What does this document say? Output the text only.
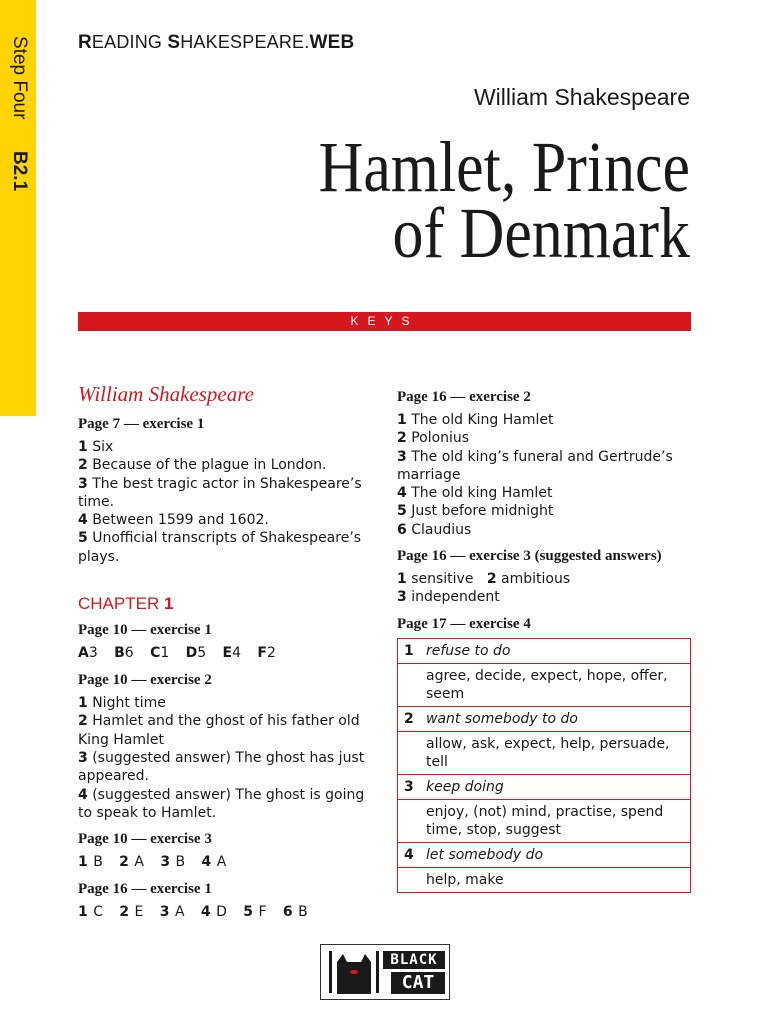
Step Four B2.1
READING SHAKESPEARE.WEB
William Shakespeare
Hamlet, Prince
of Denmark
KEYS
William Shakespeare
Page 7 — exercise 1
1 Six
2 Because of the plague in London.
3 The best tragic actor in Shakespeare’s time.
4 Between 1599 and 1602.
5 Unofficial transcripts of Shakespeare’s plays.
CHAPTER 1
Page 10 — exercise 1
A3 B6 C1 D5 E4 F2
Page 10 — exercise 2
1 Night time
2 Hamlet and the ghost of his father old King Hamlet
3 (suggested answer) The ghost has just appeared.
4 (suggested answer) The ghost is going to speak to Hamlet.
Page 10 — exercise 3
1 B 2 A 3 B 4 A
Page 16 — exercise 1
1 C 2 E 3 A 4 D 5 F 6 B
Page 16 — exercise 2
1 The old King Hamlet
2 Polonius
3 The old king’s funeral and Gertrude’s marriage
4 The old king Hamlet
5 Just before midnight
6 Claudius
Page 16 — exercise 3 (suggested answers)
1 sensitive 2 ambitious
3 independent
Page 17 — exercise 4
1	refuse to do
agree, decide, expect, hope, offer, seem	
2	want somebody to do
allow, ask, expect, help, persuade, tell	
3	keep doing
enjoy, (not) mind, practise, spend time, stop, suggest	
4	let somebody do
help, make	
BLACK
CAT
